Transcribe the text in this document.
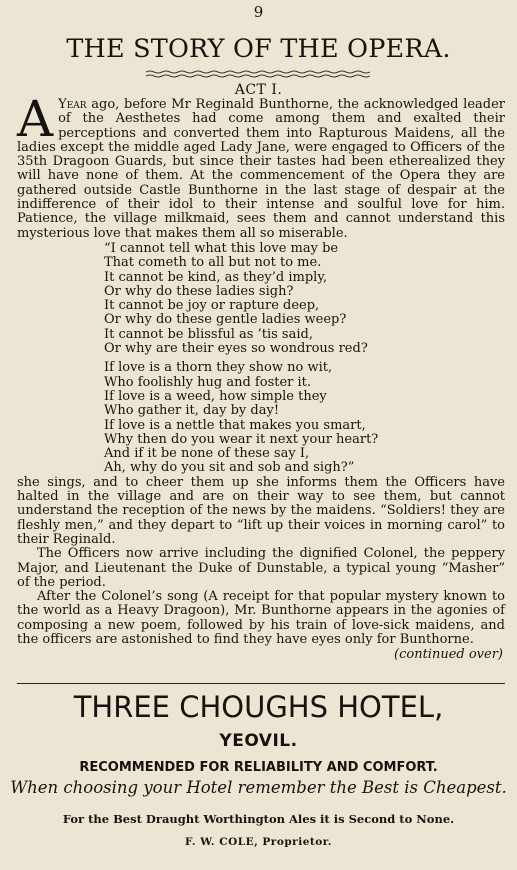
9
THE STORY OF THE OPERA.
ACT I.

A Year ago, before Mr Reginald Bunthorne, the acknowledged leader of the Aesthetes had come among them and exalted their perceptions and converted them into Rapturous Maidens, all the ladies except the middle aged Lady Jane, were engaged to Officers of the 35th Dragoon Guards, but since their tastes had been etherealized they will have none of them. At the commencement of the Opera they are gathered outside Castle Bunthorne in the last stage of despair at the indifference of their idol to their intense and soulful love for him. Patience, the village milkmaid, sees them and cannot understand this mysterious love that makes them all so miserable.

“I cannot tell what this love may be
That cometh to all but not to me.
It cannot be kind, as they’d imply,
Or why do these ladies sigh?
It cannot be joy or rapture deep,
Or why do these gentle ladies weep?
It cannot be blissful as ’tis said,
Or why are their eyes so wondrous red?
If love is a thorn they show no wit,
Who foolishly hug and foster it.
If love is a weed, how simple they
Who gather it, day by day!
If love is a nettle that makes you smart,
Why then do you wear it next your heart?
And if it be none of these say I,
Ah, why do you sit and sob and sigh?”

she sings, and to cheer them up she informs them the Officers have halted in the village and are on their way to see them, but cannot understand the reception of the news by the maidens. “Soldiers! they are fleshly men,” and they depart to “lift up their voices in morning carol” to their Reginald.

The Officers now arrive including the dignified Colonel, the peppery Major, and Lieutenant the Duke of Dunstable, a typical young “Masher” of the period.

After the Colonel’s song (A receipt for that popular mystery known to the world as a Heavy Dragoon), Mr. Bunthorne appears in the agonies of composing a new poem, followed by his train of love-sick maidens, and the officers are astonished to find they have eyes only for Bunthorne.

(continued over)
THREE CHOUGHS HOTEL,
YEOVIL.
RECOMMENDED FOR RELIABILITY AND COMFORT.
When choosing your Hotel remember the Best is Cheapest.
For the Best Draught Worthington Ales it is Second to None.
F. W. COLE, Proprietor.
